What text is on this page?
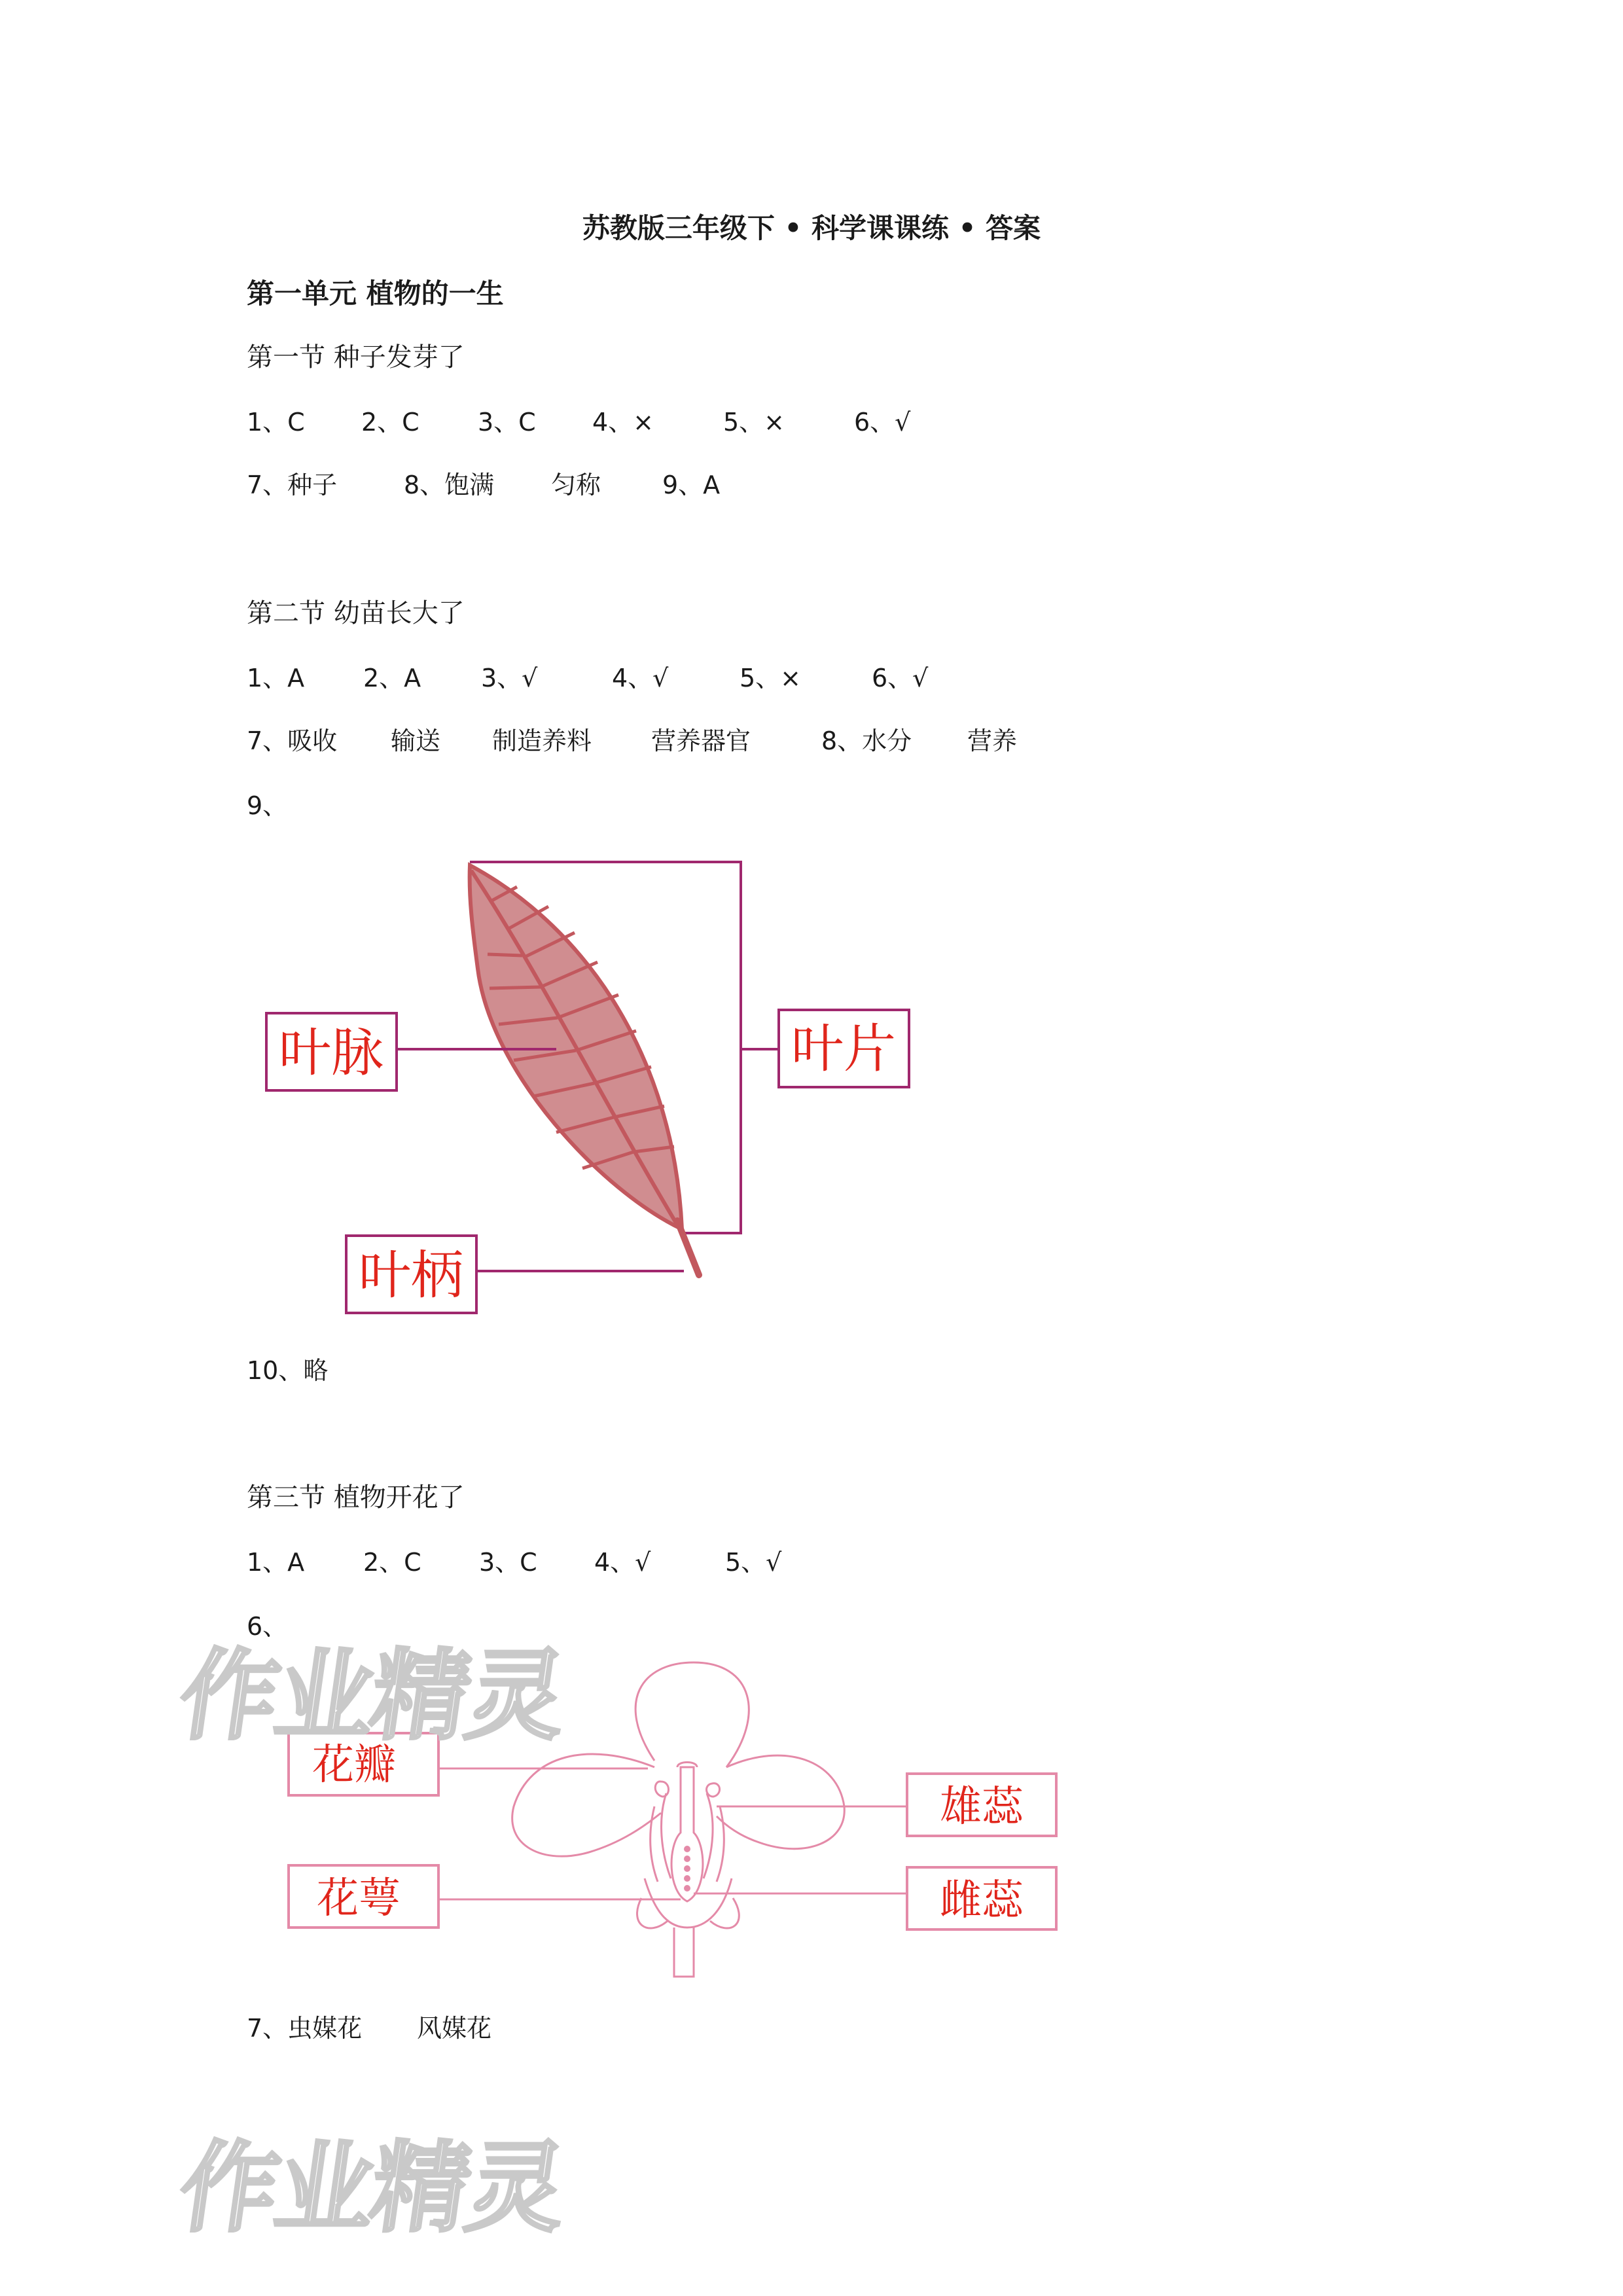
苏教版三年级下 • 科学课课练 • 答案
第一单元 植物的一生
第一节 种子发芽了
1、C 2、C 3、C 4、×	5、×	6、√
7、种子	8、饱满 匀称 9、A
第二节 幼苗长大了
1、A 2、A 3、√	4、√	5、×	6、√
7、吸收 输送 制造养料 营养器官	8、水分 营养
9、
叶脉	叶片
叶柄
10、略
第三节 植物开花了
1、A 2、C 3、C 4、√	5、√
6、
花瓣
花萼
雄蕊
雌蕊
7、虫媒花 风媒花
作业精灵
作业精灵
